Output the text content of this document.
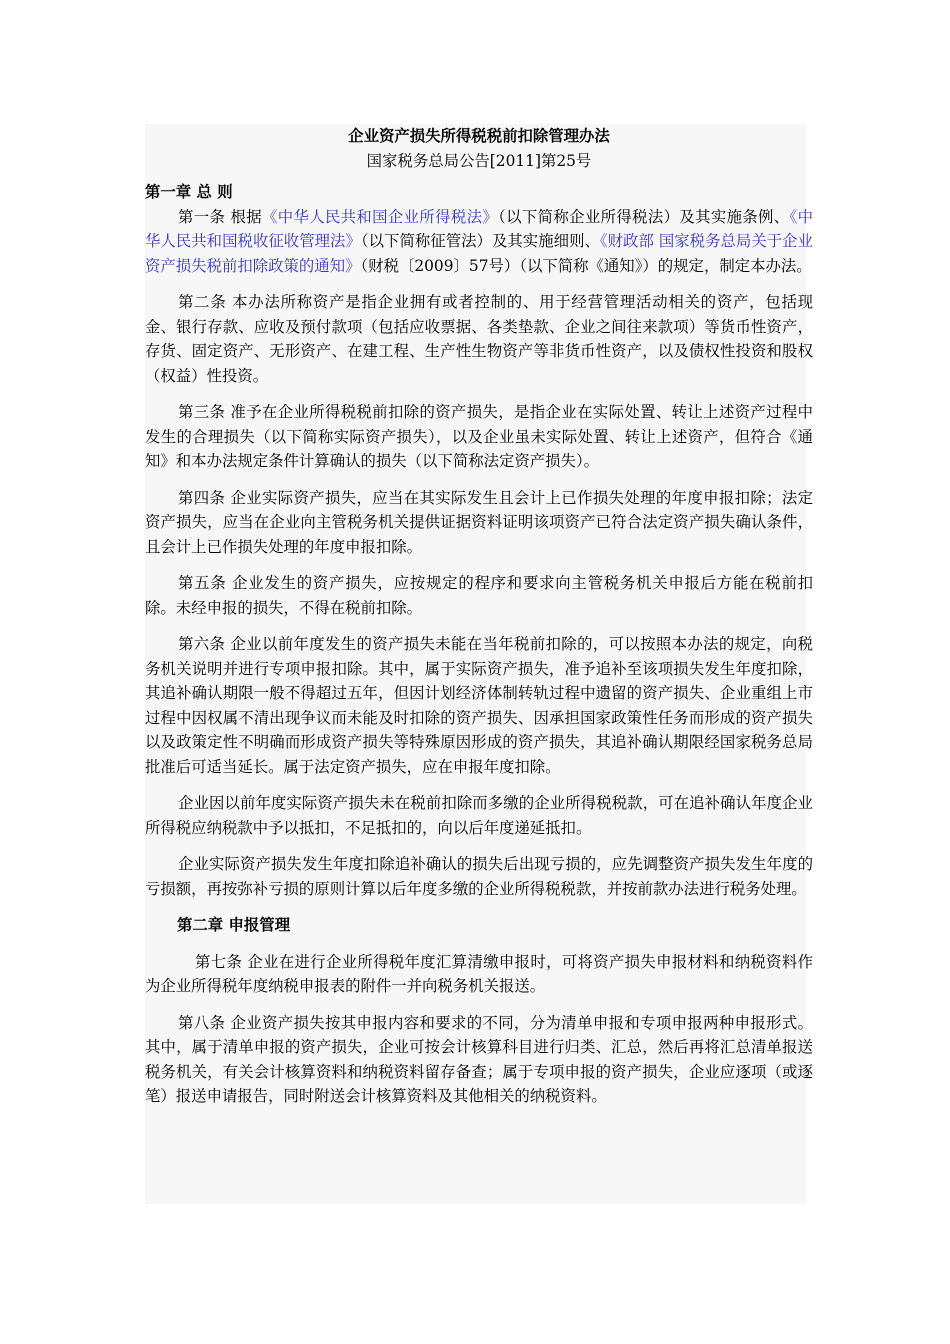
企业资产损失所得税税前扣除管理办法

国家税务总局公告[2011]第25号

第一章 总 则

第一条 根据《中华人民共和国企业所得税法》（以下简称企业所得税法）及其实施条例、《中华人民共和国税收征收管理法》（以下简称征管法）及其实施细则、《财政部 国家税务总局关于企业资产损失税前扣除政策的通知》（财税〔2009〕57号）（以下简称《通知》）的规定，制定本办法。

第二条 本办法所称资产是指企业拥有或者控制的、用于经营管理活动相关的资产，包括现金、银行存款、应收及预付款项（包括应收票据、各类垫款、企业之间往来款项）等货币性资产，存货、固定资产、无形资产、在建工程、生产性生物资产等非货币性资产，以及债权性投资和股权（权益）性投资。

第三条 准予在企业所得税税前扣除的资产损失，是指企业在实际处置、转让上述资产过程中发生的合理损失（以下简称实际资产损失），以及企业虽未实际处置、转让上述资产，但符合《通知》和本办法规定条件计算确认的损失（以下简称法定资产损失）。

第四条 企业实际资产损失，应当在其实际发生且会计上已作损失处理的年度申报扣除；法定资产损失，应当在企业向主管税务机关提供证据资料证明该项资产已符合法定资产损失确认条件，且会计上已作损失处理的年度申报扣除。

第五条 企业发生的资产损失，应按规定的程序和要求向主管税务机关申报后方能在税前扣除。未经申报的损失，不得在税前扣除。

第六条 企业以前年度发生的资产损失未能在当年税前扣除的，可以按照本办法的规定，向税务机关说明并进行专项申报扣除。其中，属于实际资产损失，准予追补至该项损失发生年度扣除，其追补确认期限一般不得超过五年，但因计划经济体制转轨过程中遗留的资产损失、企业重组上市过程中因权属不清出现争议而未能及时扣除的资产损失、因承担国家政策性任务而形成的资产损失以及政策定性不明确而形成资产损失等特殊原因形成的资产损失，其追补确认期限经国家税务总局批准后可适当延长。属于法定资产损失，应在申报年度扣除。

企业因以前年度实际资产损失未在税前扣除而多缴的企业所得税税款，可在追补确认年度企业所得税应纳税款中予以抵扣，不足抵扣的，向以后年度递延抵扣。

企业实际资产损失发生年度扣除追补确认的损失后出现亏损的，应先调整资产损失发生年度的亏损额，再按弥补亏损的原则计算以后年度多缴的企业所得税税款，并按前款办法进行税务处理。

第二章 申报管理

第七条 企业在进行企业所得税年度汇算清缴申报时，可将资产损失申报材料和纳税资料作为企业所得税年度纳税申报表的附件一并向税务机关报送。

第八条 企业资产损失按其申报内容和要求的不同，分为清单申报和专项申报两种申报形式。其中，属于清单申报的资产损失，企业可按会计核算科目进行归类、汇总，然后再将汇总清单报送税务机关，有关会计核算资料和纳税资料留存备查；属于专项申报的资产损失，企业应逐项（或逐笔）报送申请报告，同时附送会计核算资料及其他相关的纳税资料。
